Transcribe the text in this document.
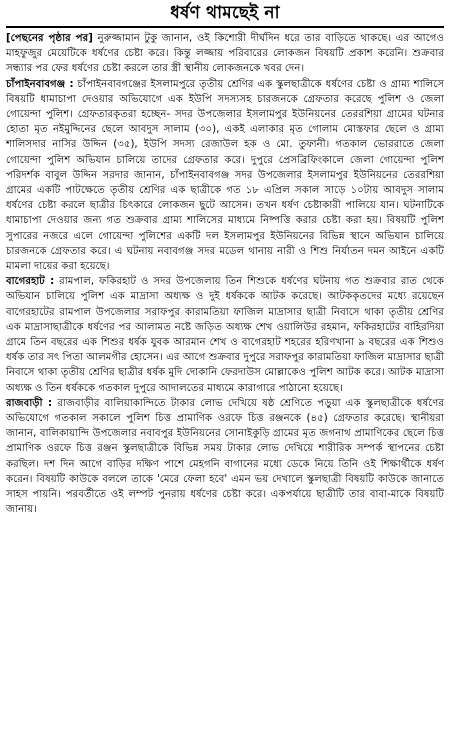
ধর্ষণ থামছেই না

[পেছনের পৃষ্ঠার পর] নুরুজ্জামান টুকু জানান, ওই কিশোরী দীর্ঘদিন ধরে তার বাড়িতে থাকছে। এর আগেও মাহফুজুর মেয়েটিকে ধর্ষণের চেষ্টা করে। কিন্তু লজ্জায় পরিবারের লোকজন বিষয়টি প্রকাশ করেনি। শুক্রবার সন্ধ্যার পর ফের ধর্ষণের চেষ্টা করলে তার স্ত্রী স্থানীয় লোকজনকে খবর দেন।

চাঁপাইনবাবগঞ্জ : চাঁপাইনবাবগঞ্জের ইসলামপুরে তৃতীয় শ্রেণির এক স্কুলছাত্রীকে ধর্ষণের চেষ্টা ও গ্রাম্য শালিসে বিষয়টি ধামাচাপা দেওয়ার অভিযোগে এক ইউপি সদস্যসহ চারজনকে গ্রেফতার করেছে পুলিশ ও জেলা গোয়েন্দা পুলিশ। গ্রেফতারকৃতরা হচ্ছেন- সদর উপজেলার ইসলামপুর ইউনিয়নের তেররশিয়া গ্রামের ঘটনার হোতা মৃত নইমুদ্দিনের ছেলে আবদুস সালাম (৩০), একই এলাকার মৃত গোলাম মোস্তফার ছেলে ও গ্রাম্য শালিসদার নাসির উদ্দিন (৩৫), ইউপি সদস্য রেজাউল হক ও মো. তুফানী। গতকাল ভোররাতে জেলা গোয়েন্দা পুলিশ অভিযান চালিয়ে তাদের গ্রেফতার করে। দুপুরে প্রেসব্রিফিংকালে জেলা গোয়েন্দা পুলিশ পরিদর্শক বাবুল উদ্দিন সরদার জানান, চাঁপাইনবাবগঞ্জ সদর উপজেলার ইসলামপুর ইউনিয়নের তেররশিয়া গ্রামের একটি পাটক্ষেতে তৃতীয় শ্রেণির এক ছাত্রীকে গত ১৮ এপ্রিল সকাল সাড়ে ১০টায় আবদুস সালাম ধর্ষণের চেষ্টা করলে ছাত্রীর চিৎকারে লোকজন ছুটে আসেন। তখন ধর্ষণ চেষ্টাকারী পালিয়ে যান। ঘটনাটিকে ধামাচাপা দেওয়ার জন্য গত শুক্রবার গ্রাম্য শালিসের মাধ্যমে নিষ্পত্তি করার চেষ্টা করা হয়। বিষয়টি পুলিশ সুপারের নজরে এলে গোয়েন্দা পুলিশের একটি দল ইসলামপুর ইউনিয়নের বিভিন্ন স্থানে অভিযান চালিয়ে চারজনকে গ্রেফতার করে। এ ঘটনায় নবাবগঞ্জ সদর মডেল থানায় নারী ও শিশু নির্যাতন দমন আইনে একটি মামলা দায়ের করা হয়েছে।

বাগেরহাট : রামপাল, ফকিরহাট ও সদর উপজেলায় তিন শিশুকে ধর্ষণের ঘটনায় গত শুক্রবার রাত থেকে অভিযান চালিয়ে পুলিশ এক মাদ্রাসা অধ্যক্ষ ও দুই ধর্ষককে আটক করেছে। আটককৃতদের মধ্যে রয়েছেন বাগেরহাটের রামপাল উপজেলার সরাফপুর কারামতিয়া ফাজিল মাদ্রাসার ছাত্রী নিবাসে থাকা তৃতীয় শ্রেণির এক মাদ্রাসাছাত্রীকে ধর্ষণের পর আলামত নষ্টে জড়িত অধ্যক্ষ শেখ ওয়ালিউর রহমান, ফকিরহাটের বাহিরদিয়া গ্রামে তিন বছরের এক শিশুর ধর্ষক যুবক আরমান শেখ ও বাগেরহাট শহরের হরিণখানা ৯ বছরের এক শিশুও ধর্ষক তার সৎ পিতা আলমগীর হোসেন। এর আগে শুক্রবার দুপুরে সরাফপুর কারামতিয়া ফাজিল মাদ্রাসার ছাত্রী নিবাসে থাকা তৃতীয় শ্রেণির ছাত্রীর ধর্ষক মুদি দোকানি ফেরদাউস মোল্লাকেও পুলিশ আটক করে। আটক মাদ্রাসা অধ্যক্ষ ও তিন ধর্ষককে গতকাল দুপুরে আদালতের মাধ্যমে কারাগারে পাঠানো হয়েছে।

রাজবাড়ী : রাজবাড়ীর বালিয়াকান্দিতে টাকার লোভ দেখিয়ে ষষ্ঠ শ্রেণিতে পড়ুয়া এক স্কুলছাত্রীকে ধর্ষণের অভিযোগে গতকাল সকালে পুলিশ চিত্ত প্রামাণিক ওরফে চিত্ত রঞ্জনকে (৪৫) গ্রেফতার করেছে। স্থানীয়রা জানান, বালিকায়ান্দি উপজেলার নবাবপুর ইউনিয়নের সোনাইকুড়ি গ্রামের মৃত জগনাথ প্রামাণিকের ছেলে চিত্ত প্রামাণিক ওরফে চিত্ত রঞ্জন স্কুলছাত্রীকে বিভিন্ন সময় টাকার লোভ দেখিয়ে শারীরিক সম্পর্ক স্থাপনের চেষ্টা করছিল। দশ দিন আগে বাড়ির দক্ষিণ পাশে মেহগনি বাগানের মধ্যে ডেকে নিয়ে তিনি ওই শিক্ষার্থীকে ধর্ষণ করেন। বিষয়টি কাউকে বললে তাকে 'মেরে ফেলা হবে' এমন ভয় দেখালে স্কুলছাত্রী বিষয়টি কাউকে জানাতে সাহস পায়নি। পরবর্তীতে ওই লম্পট পুনরায় ধর্ষণের চেষ্টা করে। একপর্যায়ে ছাত্রীটি তার বাবা-মাকে বিষয়টি জানায়।
